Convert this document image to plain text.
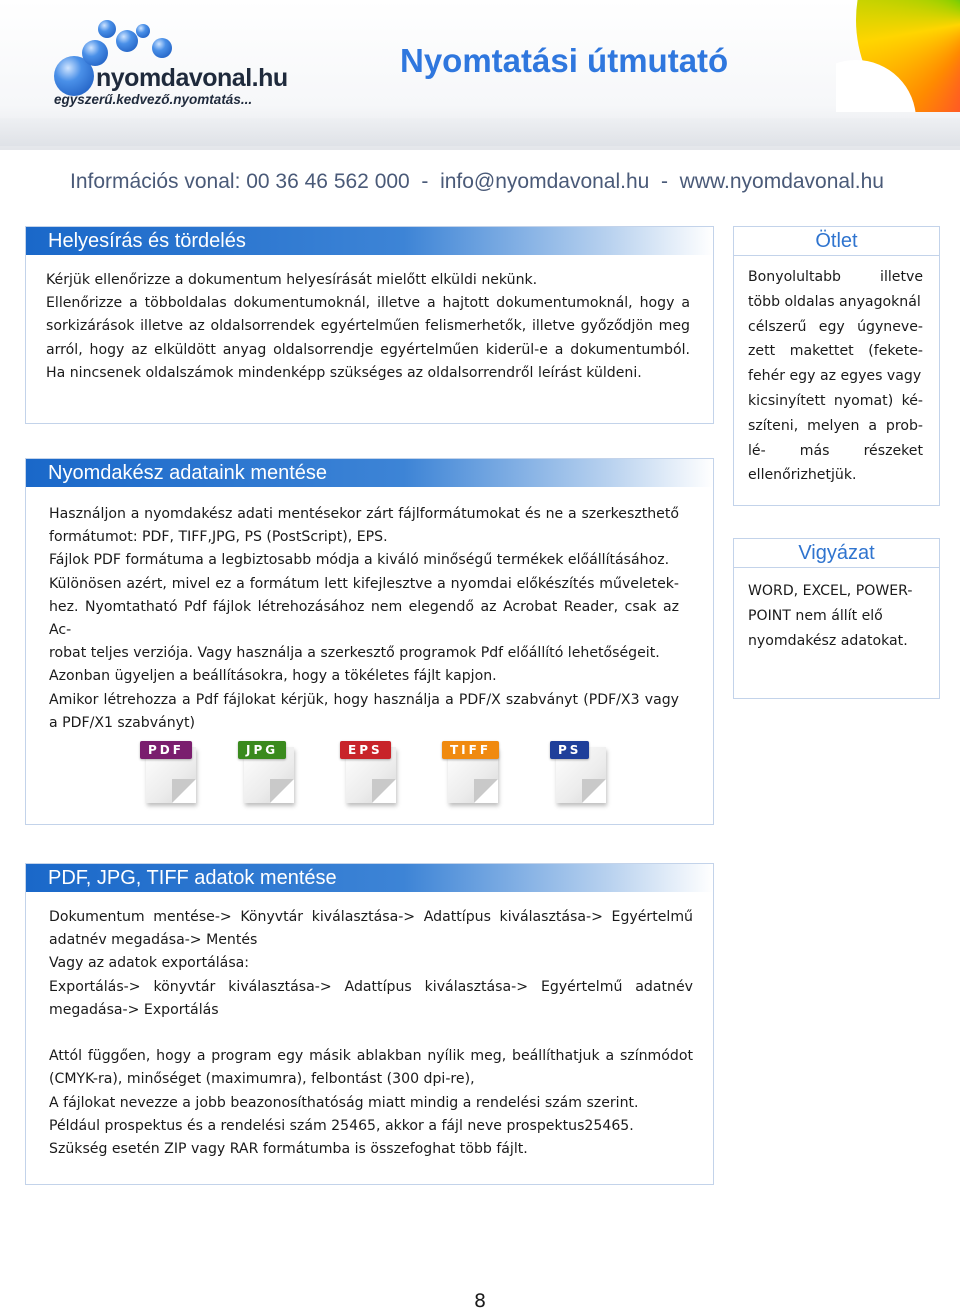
nyomdavonal.hu
egyszerű.kedvező.nyomtatás...
Nyomtatási útmutató
Információs vonal: 00 36 46 562 000  -  info@nyomdavonal.hu  -  www.nyomdavonal.hu
Helyesírás és tördelés

Kérjük ellenőrizze a dokumentum helyesírását mielőtt elküldi nekünk.

Ellenőrizze a többoldalas dokumentumoknál, illetve a hajtott dokumentumoknál, hogy a

sorkizárások illetve az oldalsorrendek egyértelműen felismerhetők, illetve győződjön meg

arról, hogy az elküldött anyag oldalsorrendje egyértelműen kiderül-e a dokumentumból.

Ha nincsenek oldalszámok mindenképp szükséges az oldalsorrendről leírást küldeni.

Nyomdakész adataink mentése

Használjon a nyomdakész adati mentésekor zárt fájlformátumokat és ne a szerkeszthető

formátumot: PDF, TIFF,JPG, PS (PostScript), EPS.

Fájlok PDF formátuma a legbiztosabb módja a kiváló minőségű termékek előállításához.

Különösen azért, mivel ez a formátum lett kifejlesztve a nyomdai előkészítés műveletek-

hez. Nyomtatható Pdf fájlok létrehozásához nem elegendő az Acrobat Reader, csak az Ac-

robat teljes verziója. Vagy használja a szerkesztő programok Pdf előállító lehetőségeit.

Azonban ügyeljen a beállításokra, hogy a tökéletes fájlt kapjon.

Amikor létrehozza a Pdf fájlokat kérjük, hogy használja a PDF/X szabványt (PDF/X3 vagy

a PDF/X1 szabványt)

PDF	JPG	EPS	TIFF	PS
PDF, JPG, TIFF adatok mentése

Dokumentum mentése-> Könyvtár kiválasztása-> Adattípus kiválasztása-> Egyértelmű

adatnév megadása-> Mentés

Vagy az adatok exportálása:

Exportálás-> könyvtár kiválasztása-> Adattípus kiválasztása-> Egyértelmű adatnév

megadása-> Exportálás

Attól függően, hogy a program egy másik ablakban nyílik meg, beállíthatjuk a színmódot

(CMYK-ra), minőséget (maximumra), felbontást (300 dpi-re),

A fájlokat nevezze a jobb beazonosíthatóság miatt mindig a rendelési szám szerint.

Például prospektus és a rendelési szám 25465, akkor a fájl neve prospektus25465.

Szükség esetén ZIP vagy RAR formátumba is összefoghat több fájlt.

Ötlet

Bonyolultabb illetve

több oldalas anyagoknál

célszerű egy úgyneve-

zett makettet (fekete-

fehér egy az egyes vagy

kicsinyített nyomat) ké-

szíteni, melyen a prob-

lé- más részeket

ellenőrizhetjük.

Vigyázat

WORD, EXCEL, POWER-

POINT nem állít elő

nyomdakész adatokat.

8
